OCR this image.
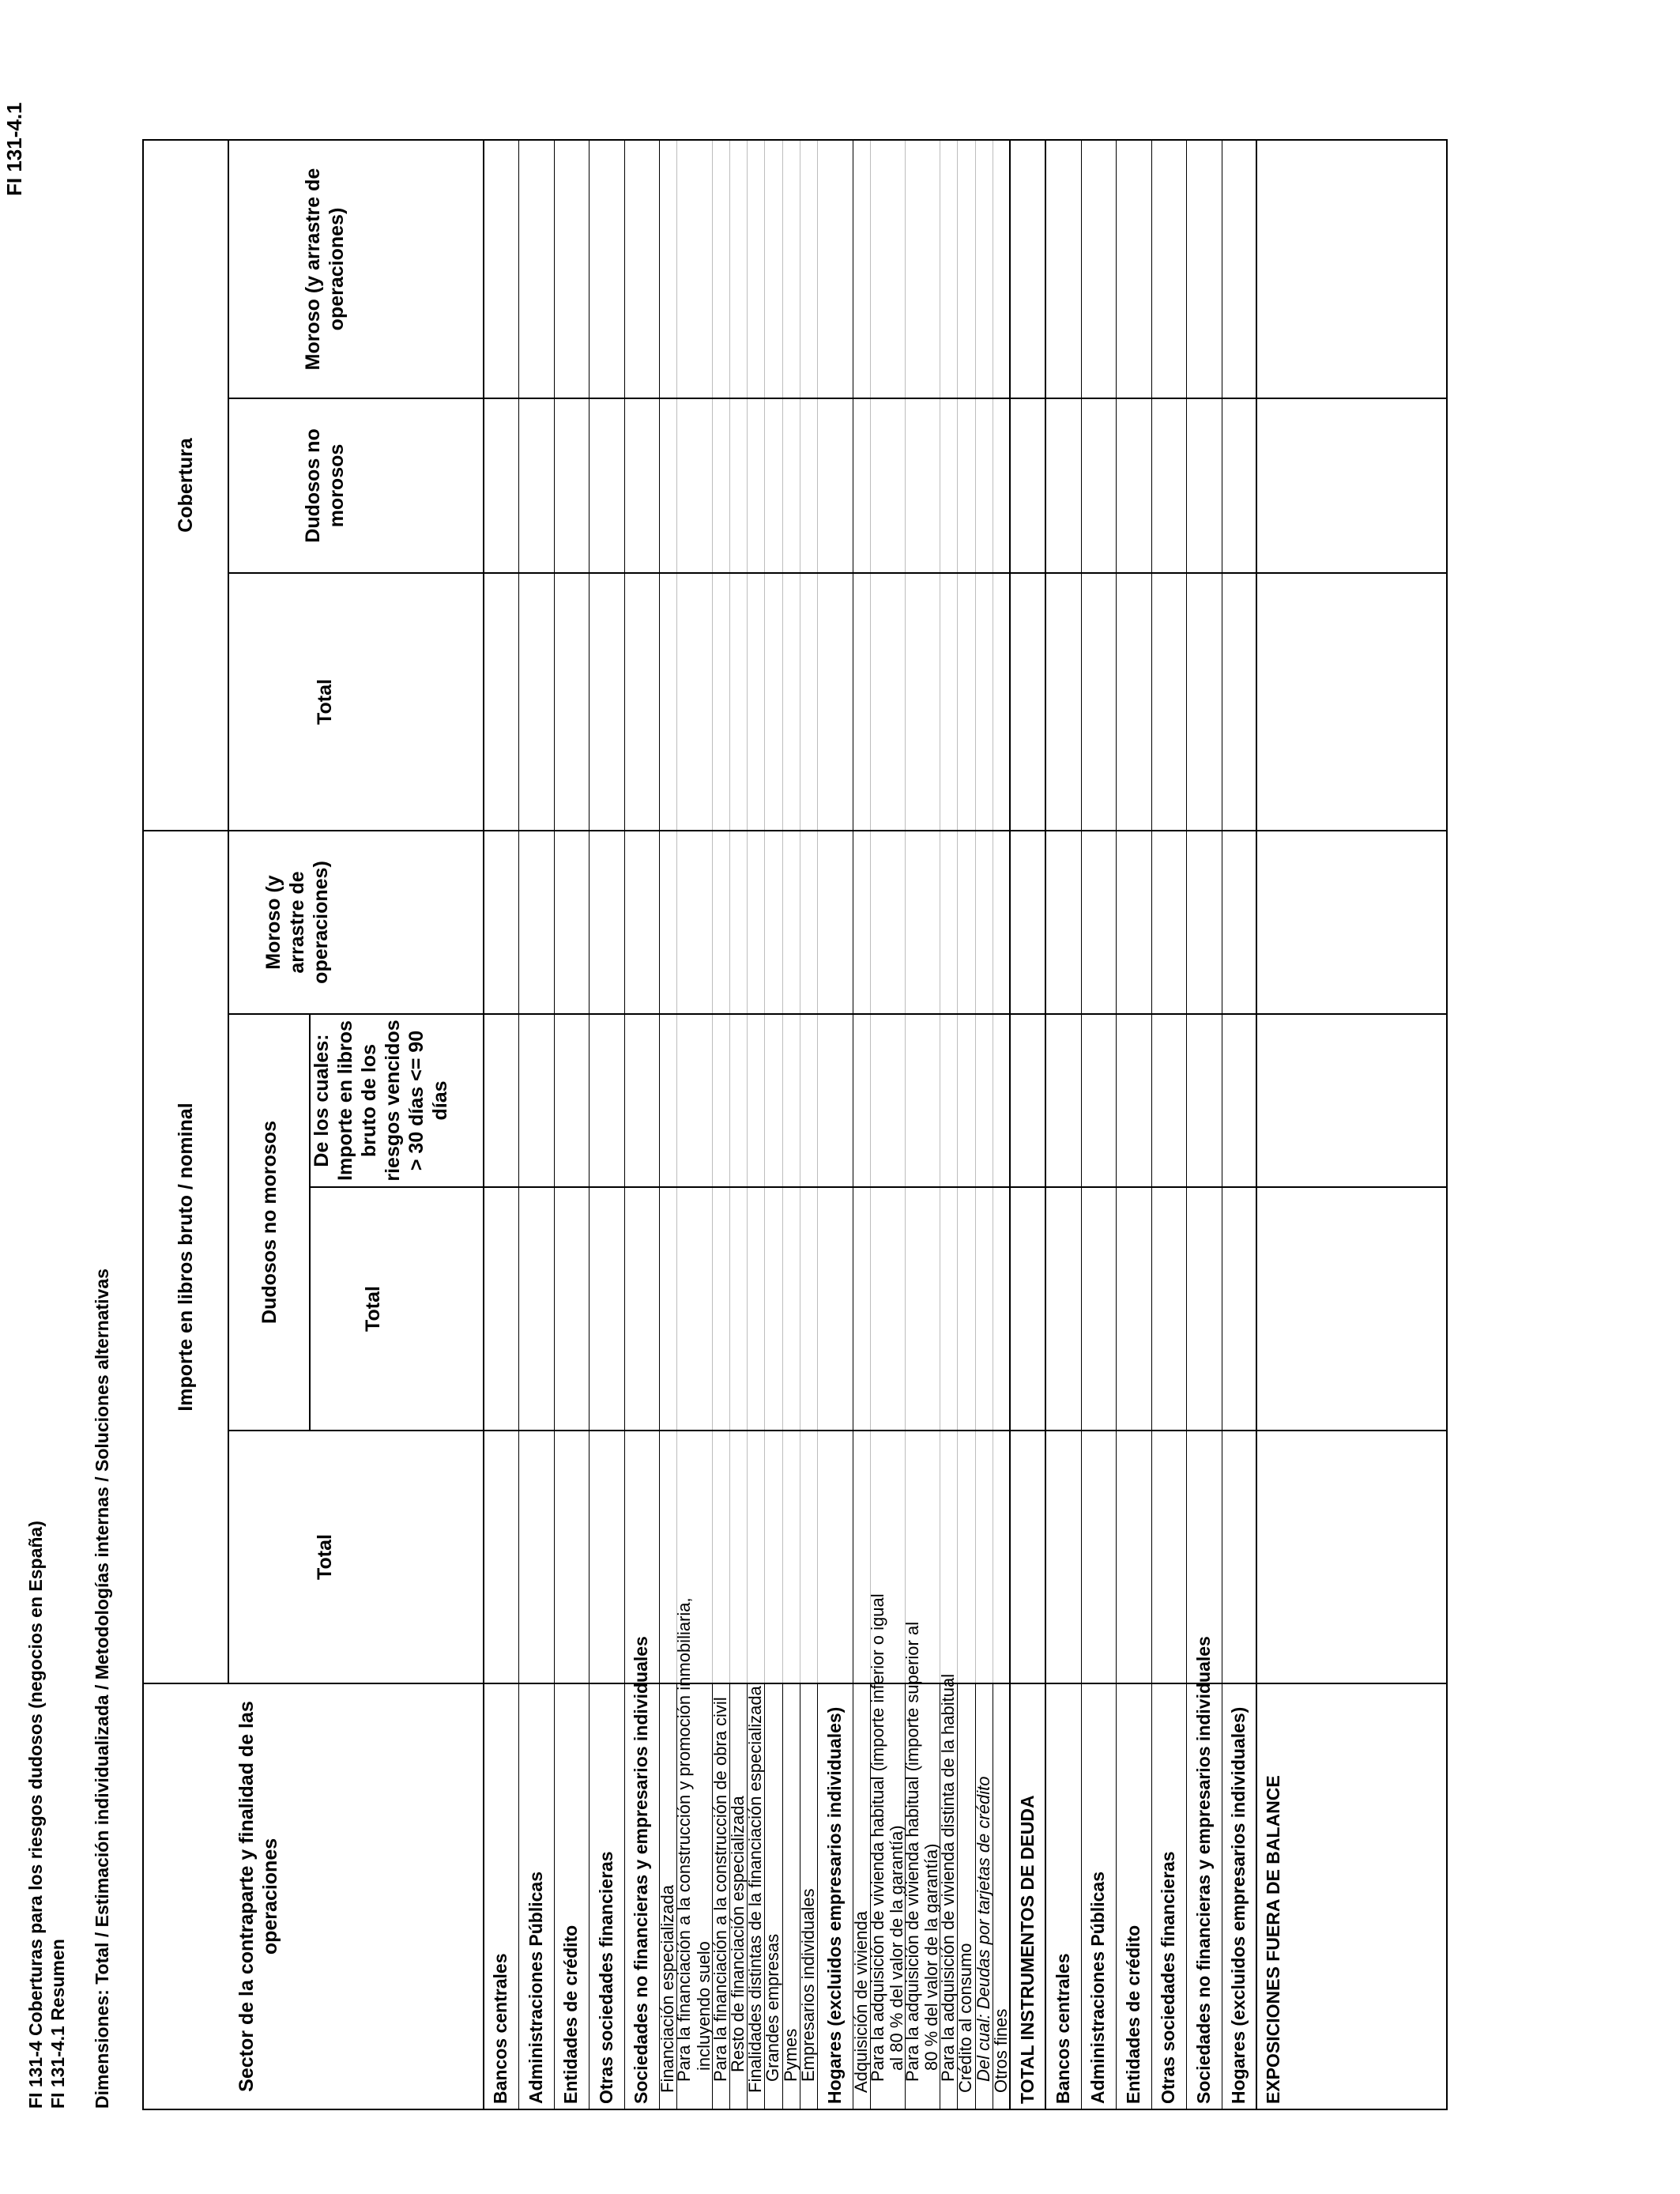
FI 131-4.1
FI 131-4 Coberturas para los riesgos dudosos (negocios en España) FI 131-4.1 Resumen Dimensiones: Total / Estimación individualizada / Metodologías internas / Soluciones alternativas	Sector de la contraparte y finalidad de las operaciones
Importe en libros bruto / nominal
Cobertura
Dudosos no morosos
Total
Total
De los cuales: Importe en libros bruto de los riesgos vencidos > 30 días <= 90 días
Moroso (y arrastre de operaciones)
Total
Dudosos no morosos
Moroso (y arrastre de operaciones)
Bancos centrales Administraciones Públicas Entidades de crédito Otras sociedades financieras Sociedades no financieras y empresarios individuales Financiación especializada
Para la financiación a la construcción y promoción inmobiliaria,
incluyendo suelo
Para la financiación a la construcción de obra civil
Resto de financiación especializada
Finalidades distintas de la financiación especializada
Grandes empresas
Pymes
Empresarios individuales Hogares (excluidos empresarios individuales) Adquisición de vivienda
Para la adquisición de vivienda habitual (importe inferior o igual
al 80 % del valor de la garantía)
Para la adquisición de vivienda habitual (importe superior al
80 % del valor de la garantía)
Para la adquisición de vivienda distinta de la habitual
Crédito al consumo
Del cual: Deudas por tarjetas de crédito
Otros fines TOTAL INSTRUMENTOS DE DEUDA Bancos centrales Administraciones Públicas Entidades de crédito Otras sociedades financieras Sociedades no financieras y empresarios individuales Hogares (excluidos empresarios individuales) EXPOSICIONES FUERA DE BALANCE
